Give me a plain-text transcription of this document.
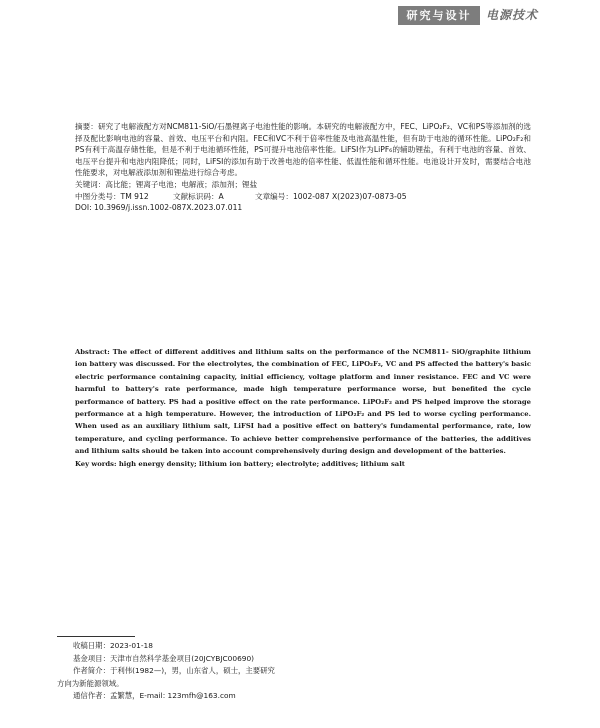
研究与设计	电源技术

摘要：研究了电解液配方对NCM811-SiO/石墨锂离子电池性能的影响。本研究的电解液配方中，FEC、LiPO₂F₂、VC和PS等添加剂的选择及配比影响电池的容量、首效、电压平台和内阻。FEC和VC不利于倍率性能及电池高温性能，但有助于电池的循环性能。LiPO₂F₂和PS有利于高温存储性能，但是不利于电池循环性能，PS可提升电池倍率性能。LiFSI作为LiPF₆的辅助锂盐，有利于电池的容量、首效、电压平台提升和电池内阻降低；同时，LiFSI的添加有助于改善电池的倍率性能、低温性能和循环性能。电池设计开发时，需要结合电池性能要求，对电解液添加剂和锂盐进行综合考虑。

关键词：高比能；锂离子电池；电解液；添加剂；锂盐

中图分类号：TM 912	文献标识码：A	文章编号：1002-087 X(2023)07-0873-05

DOI: 10.3969/j.issn.1002-087X.2023.07.011

Abstract: The effect of different additives and lithium salts on the performance of the NCM811- SiO/graphite lithium ion battery was discussed. For the electrolytes, the combination of FEC, LiPO₂F₂, VC and PS affected the battery's basic electric performance containing capacity, initial efficiency, voltage platform and inner resistance. FEC and VC were harmful to battery's rate performance, made high temperature performance worse, but benefited the cycle performance of battery. PS had a positive effect on the rate performance. LiPO₂F₂ and PS helped improve the storage performance at a high temperature. However, the introduction of LiPO₂F₂ and PS led to worse cycling performance. When used as an auxiliary lithium salt, LiFSI had a positive effect on battery's fundamental performance, rate, low temperature, and cycling performance. To achieve better comprehensive performance of the batteries, the additives and lithium salts should be taken into account comprehensively during design and development of the batteries.

Key words: high energy density; lithium ion battery; electrolyte; additives; lithium salt

收稿日期：2023-01-18

基金项目：天津市自然科学基金项目(20JCYBJC00690)

作者简介：于利伟(1982—)，男，山东省人，硕士，主要研究

方向为新能源领域。

通信作者：孟繁慧，E-mail: 123mfh@163.com
